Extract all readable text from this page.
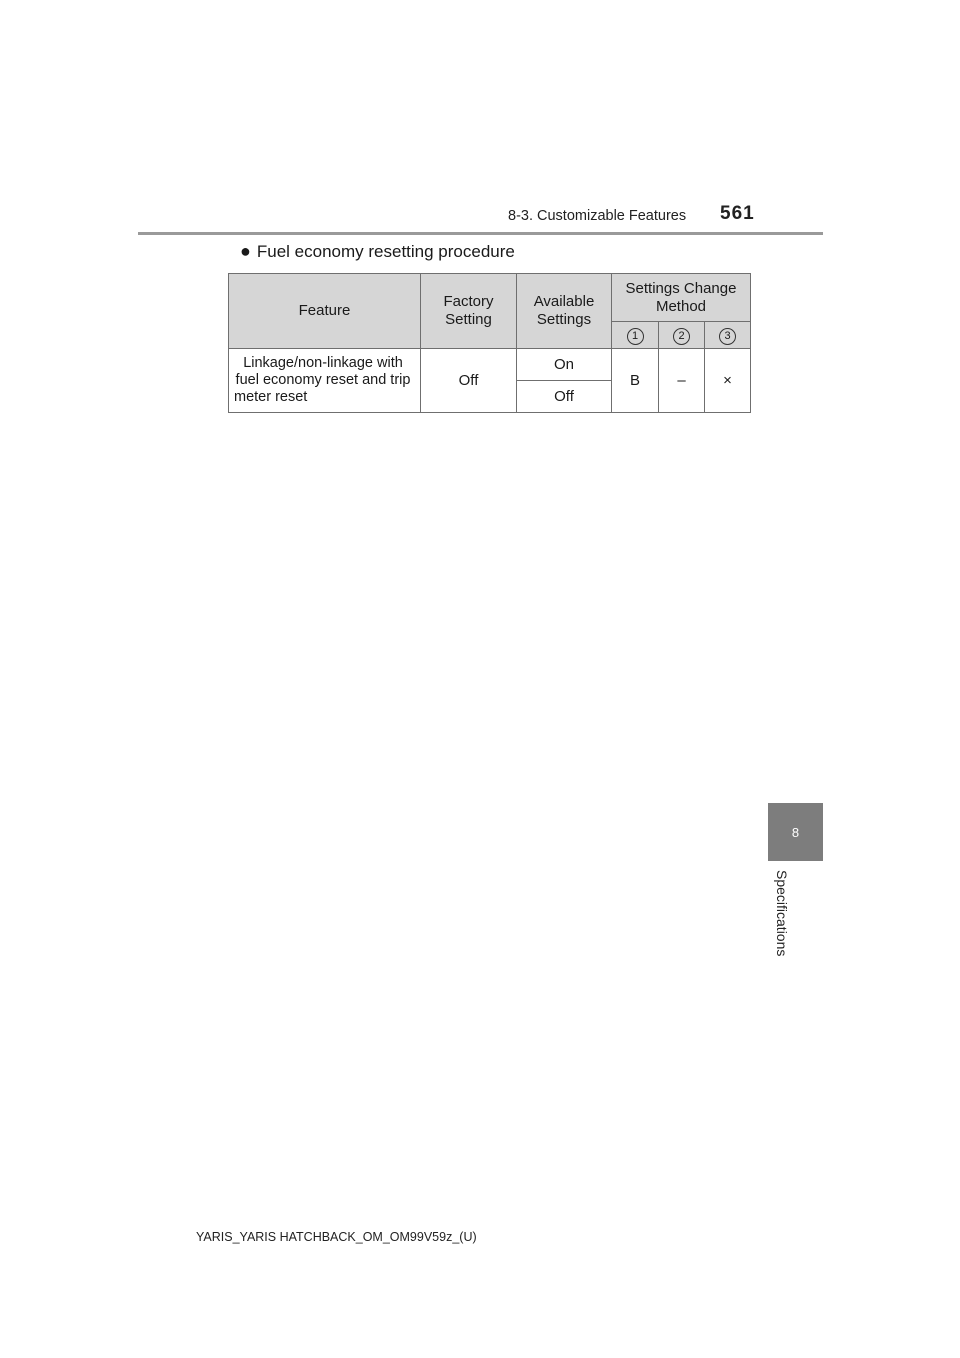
8-3. Customizable Features 561
● Fuel economy resetting procedure
Feature	Factory Setting	Available Settings	Settings Change Method		
			1	2	3
Linkage/non-linkage with fuel economy reset and trip meter reset	Off	On	B	–	×
		Off			
8
Specifications
YARIS_YARIS HATCHBACK_OM_OM99V59z_(U)
